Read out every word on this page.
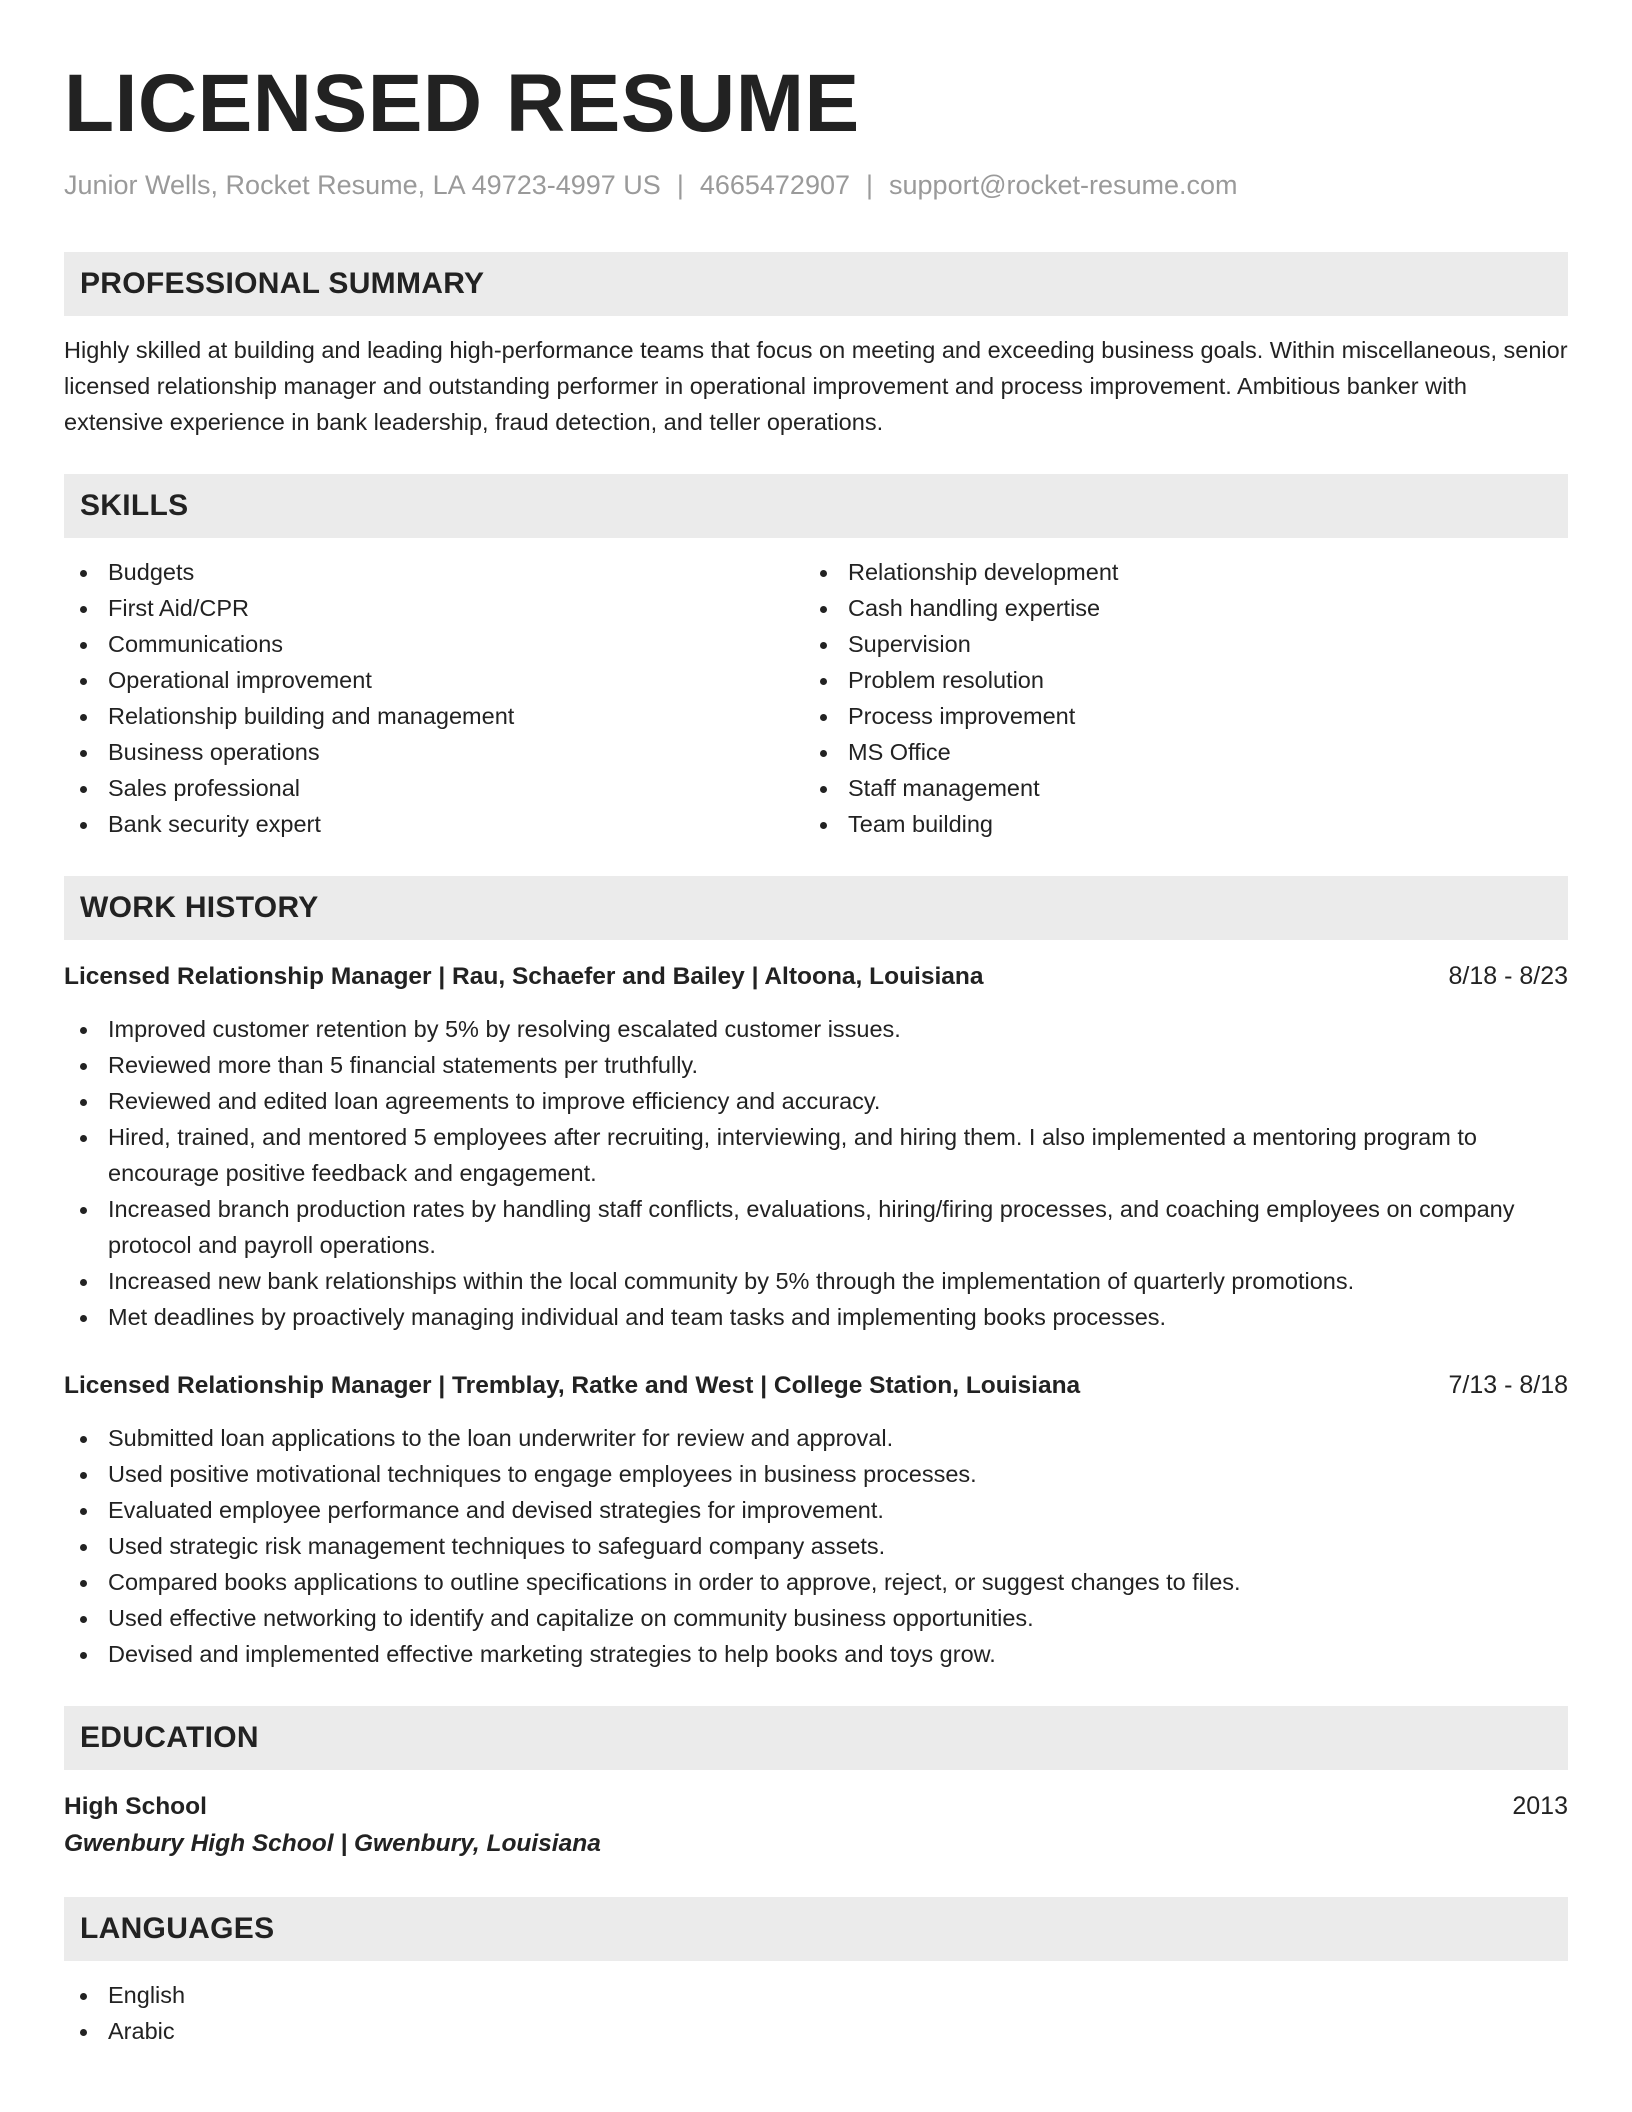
LICENSED RESUME
Junior Wells, Rocket Resume, LA 49723-4997 US | 4665472907 | support@rocket-resume.com
PROFESSIONAL SUMMARY

Highly skilled at building and leading high-performance teams that focus on meeting and exceeding business goals. Within miscellaneous, senior licensed relationship manager and outstanding performer in operational improvement and process improvement. Ambitious banker with extensive experience in bank leadership, fraud detection, and teller operations.

SKILLS
Budgets
First Aid/CPR
Communications
Operational improvement
Relationship building and management
Business operations
Sales professional
Bank security expert
Relationship development
Cash handling expertise
Supervision
Problem resolution
Process improvement
MS Office
Staff management
Team building
WORK HISTORY
Licensed Relationship Manager | Rau, Schaefer and Bailey | Altoona, Louisiana	8/18 - 8/23
Improved customer retention by 5% by resolving escalated customer issues.
Reviewed more than 5 financial statements per truthfully.
Reviewed and edited loan agreements to improve efficiency and accuracy.
Hired, trained, and mentored 5 employees after recruiting, interviewing, and hiring them. I also implemented a mentoring program to encourage positive feedback and engagement.
Increased branch production rates by handling staff conflicts, evaluations, hiring/firing processes, and coaching employees on company protocol and payroll operations.
Increased new bank relationships within the local community by 5% through the implementation of quarterly promotions.
Met deadlines by proactively managing individual and team tasks and implementing books processes.
Licensed Relationship Manager | Tremblay, Ratke and West | College Station, Louisiana	7/13 - 8/18
Submitted loan applications to the loan underwriter for review and approval.
Used positive motivational techniques to engage employees in business processes.
Evaluated employee performance and devised strategies for improvement.
Used strategic risk management techniques to safeguard company assets.
Compared books applications to outline specifications in order to approve, reject, or suggest changes to files.
Used effective networking to identify and capitalize on community business opportunities.
Devised and implemented effective marketing strategies to help books and toys grow.
EDUCATION
High School	2013
Gwenbury High School | Gwenbury, Louisiana
LANGUAGES
English
Arabic
